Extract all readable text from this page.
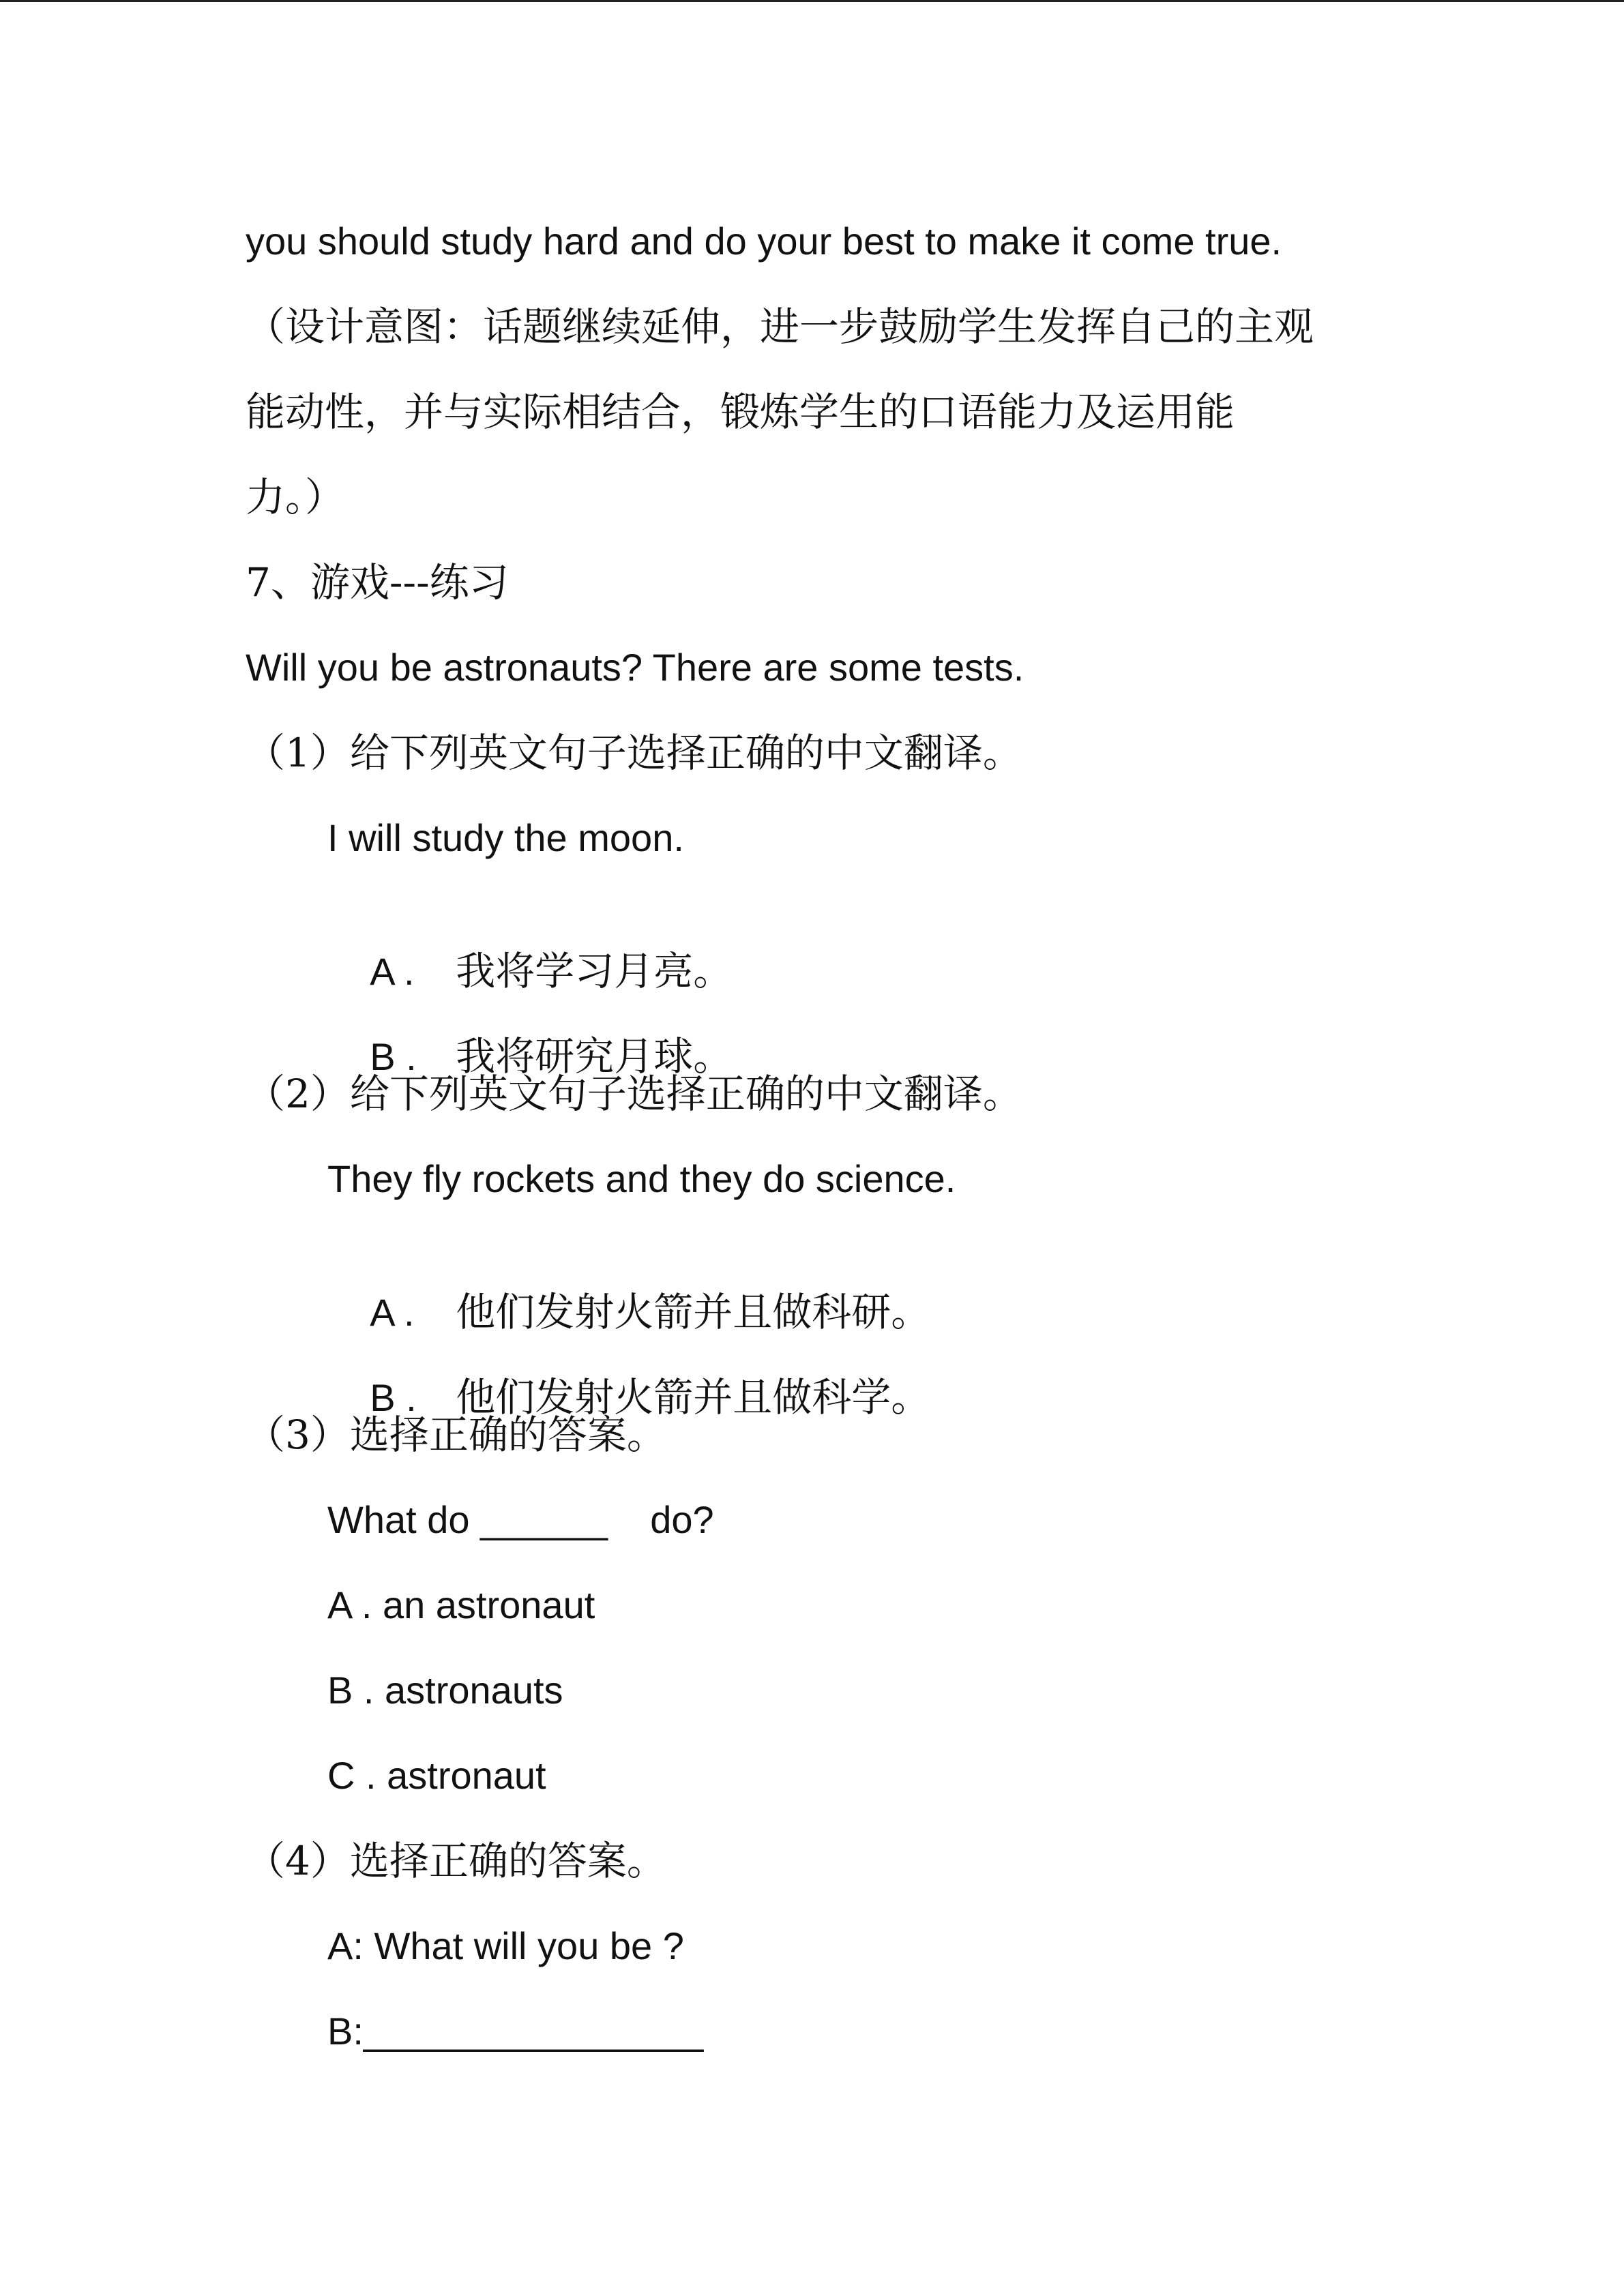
you should study hard and do your best to make it come true.
（设计意图：话题继续延伸，进一步鼓励学生发挥自己的主观
能动性，并与实际相结合，锻炼学生的口语能力及运用能
力。）
7、游戏---练习
Will you be astronauts? There are some tests.
（1）给下列英文句子选择正确的中文翻译。
I will study the moon.

A . 我将学习月亮。

B . 我将研究月球。

（2）给下列英文句子选择正确的中文翻译。
They fly rockets and they do science.

A . 他们发射火箭并且做科研。

B . 他们发射火箭并且做科学。

（3）选择正确的答案。
What do ______    do?
A . an astronaut
B . astronauts
C . astronaut
（4）选择正确的答案。
A: What will you be ?
B:________________
